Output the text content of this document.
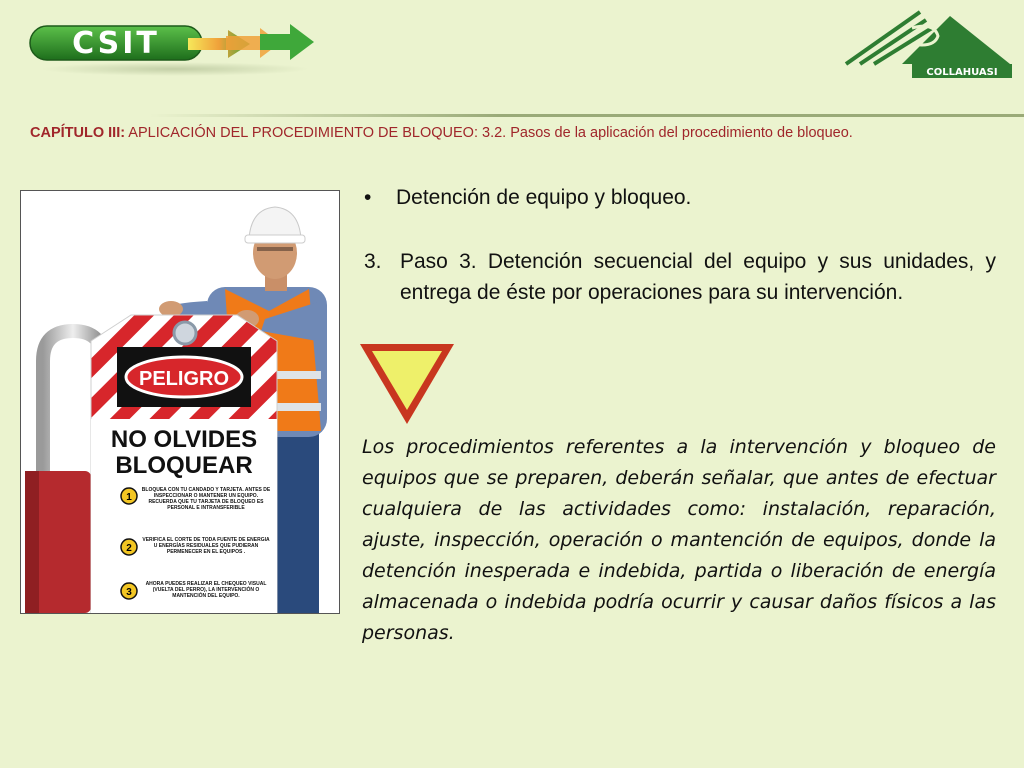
CSIT
COLLAHUASI
CAPÍTULO III: APLICACIÓN DEL PROCEDIMIENTO DE BLOQUEO: 3.2. Pasos de la aplicación del procedimiento de bloqueo.
PELIGRO
NO OLVIDES
BLOQUEAR
1
2
3
BLOQUEA CON TU CANDADO Y TARJETA. ANTES DE INSPECCIONAR O MANTENER UN EQUIPO. RECUERDA QUE TU TARJETA DE BLOQUEO ES PERSONAL E INTRANSFERIBLE
VERIFICA EL CORTE DE TODA FUENTE DE ENERGÍA U ENERGÍAS RESIDUALES QUE PUDIERAN PERMENECER EN EL EQUIPOS .
AHORA PUEDES REALIZAR EL CHEQUEO VISUAL (VUELTA DEL PERRO), LA INTERVENCIÓN O MANTENCIÓN DEL EQUIPO.
• Detención de equipo y bloqueo.
3. Paso 3. Detención secuencial del equipo y sus unidades, y entrega de éste por operaciones para su intervención.
Los procedimientos referentes a la intervención y bloqueo de equipos que se preparen, deberán señalar, que antes de efectuar cualquiera de las actividades como: instalación, reparación, ajuste, inspección, operación o mantención de equipos, donde la detención inesperada e indebida, partida o liberación de energía almacenada o indebida podría ocurrir y causar daños físicos a las personas.
